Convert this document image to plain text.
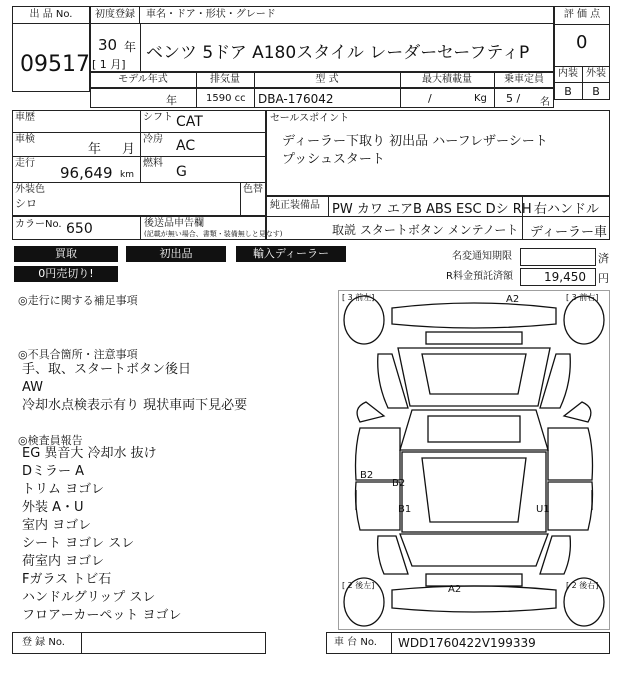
出 品 No.
09517
初度登録	車名・ドア・形状・グレード
30 年
[ 1 月]
ベンツ 5ドア A180スタイル レーダーセーフティP
評 価 点
0
内装 外装
B	B
モデル年式	排気量	型 式	最大積載量	乗車定員
年	1590 cc DBA-176042	/	Kg 5 / 名
車歴	シフト CAT
車検
年 月
冷房 AC
走行
96,649 km
燃料
G
外装色
シロ
色替
カラーNo. 650	後送品申告欄
(記載が無い場合、書類・装備無しと見なす)
セールスポイント
ディーラー下取り 初出品 ハーフレザーシート
プッシュスタート
純正装備品 PW カワ エアB ABS ESC Dシ RH 右ハンドル
取説 スタートボタン メンテノート ディーラー車
買取	初出品	輸入ディーラー
0円売切り!
名変通知期限	済
R料金預託済額	19,450 円
◎走行に関する補足事項
◎不具合箇所・注意事項
手、取、スタートボタン後日
AW
冷却水点検表示有り 現状車両下見必要
◎検査員報告
EG 異音大 冷却水 抜け
Dミラー A
トリム ヨゴレ
外装 A・U
室内 ヨゴレ
シート ヨゴレ スレ
荷室内 ヨゴレ
Fガラス トビ石
ハンドルグリップ スレ
フロアーカーペット ヨゴレ
[ 3 前左]	[ 3 前右]
[ 2 後左]	[ 2 後右]
A2
B2
B2
B1	U1
A2
登 録 No.	車 台 No. WDD1760422V199339
